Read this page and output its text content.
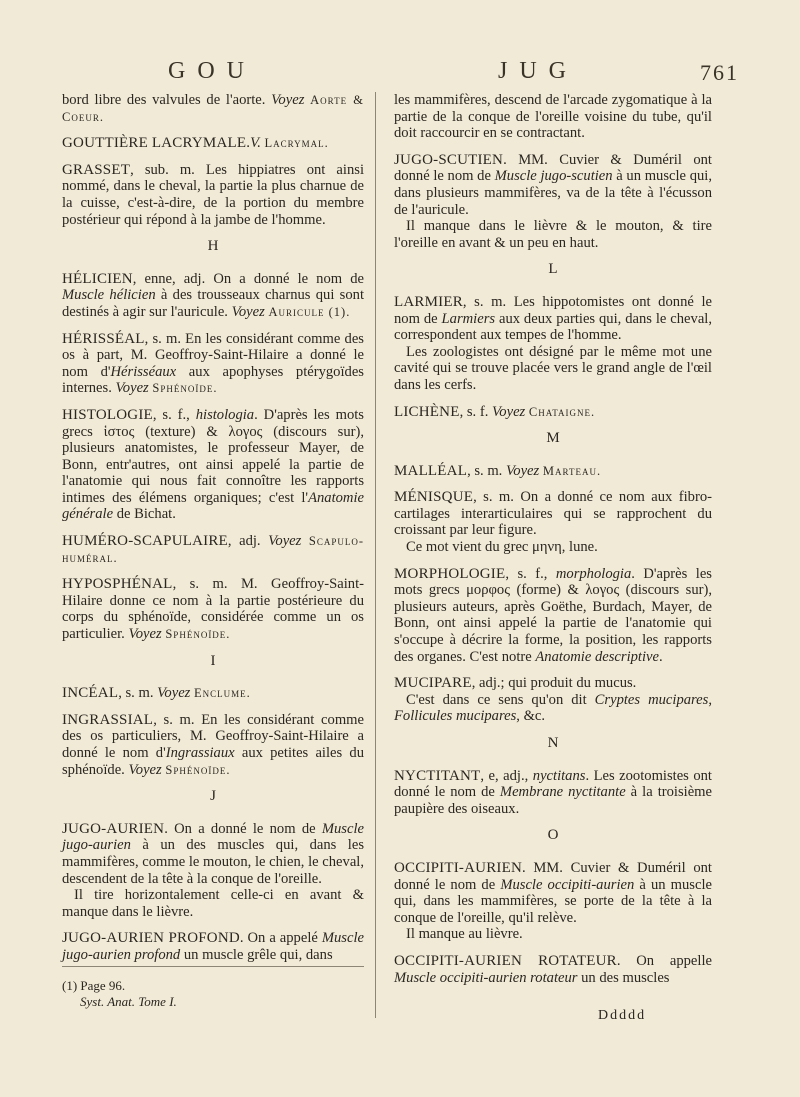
GOU	JUG	761
bord libre des valvules de l'aorte. Voyez Aorte & Coeur.
GOUTTIÈRE LACRYMALE.V. Lacrymal.
GRASSET, sub. m. Les hippiatres ont ainsi nommé, dans le cheval, la partie la plus charnue de la cuisse, c'est-à-dire, de la portion du membre postérieur qui répond à la jambe de l'homme.
H
HÉLICIEN, enne, adj. On a donné le nom de Muscle hélicien à des trousseaux charnus qui sont destinés à agir sur l'auricule. Voyez Auricule (1).
HÉRISSÉAL, s. m. En les considérant comme des os à part, M. Geoffroy-Saint-Hilaire a donné le nom d'Hérisséaux aux apophyses ptérygoïdes internes. Voyez Sphénoïde.
HISTOLOGIE, s. f., histologia. D'après les mots grecs ἱστος (texture) & λογος (discours sur), plusieurs anatomistes, le professeur Mayer, de Bonn, entr'autres, ont ainsi appelé la partie de l'anatomie qui nous fait connoître les rapports intimes des élémens organiques; c'est l'Anatomie générale de Bichat.
HUMÉRO-SCAPULAIRE, adj. Voyez Scapulo-huméral.
HYPOSPHÉNAL, s. m. M. Geoffroy-Saint-Hilaire donne ce nom à la partie postérieure du corps du sphénoïde, considérée comme un os particulier. Voyez Sphénoïde.
I
INCÉAL, s. m. Voyez Enclume.
INGRASSIAL, s. m. En les considérant comme des os particuliers, M. Geoffroy-Saint-Hilaire a donné le nom d'Ingrassiaux aux petites ailes du sphénoïde. Voyez Sphénoïde.
J
JUGO-AURIEN. On a donné le nom de Muscle jugo-aurien à un des muscles qui, dans les mammifères, comme le mouton, le chien, le cheval, descendent de la tête à la conque de l'oreille.
Il tire horizontalement celle-ci en avant & manque dans le lièvre.
JUGO-AURIEN PROFOND. On a appelé Muscle jugo-aurien profond un muscle grêle qui, dans
les mammifères, descend de l'arcade zygomatique à la partie de la conque de l'oreille voisine du tube, qu'il doit raccourcir en se contractant.
JUGO-SCUTIEN. MM. Cuvier & Duméril ont donné le nom de Muscle jugo-scutien à un muscle qui, dans plusieurs mammifères, va de la tête à l'écusson de l'auricule.
Il manque dans le lièvre & le mouton, & tire l'oreille en avant & un peu en haut.
L
LARMIER, s. m. Les hippotomistes ont donné le nom de Larmiers aux deux parties qui, dans le cheval, correspondent aux tempes de l'homme.
Les zoologistes ont désigné par le même mot une cavité qui se trouve placée vers le grand angle de l'œil dans les cerfs.
LICHÈNE, s. f. Voyez Chataigne.
M
MALLÉAL, s. m. Voyez Marteau.
MÉNISQUE, s. m. On a donné ce nom aux fibro-cartilages interarticulaires qui se rapprochent du croissant par leur figure.
Ce mot vient du grec μηνη, lune.
MORPHOLOGIE, s. f., morphologia. D'après les mots grecs μορφος (forme) & λογος (discours sur), plusieurs auteurs, après Goëthe, Burdach, Mayer, de Bonn, ont ainsi appelé la partie de l'anatomie qui s'occupe à décrire la forme, la position, les rapports des organes. C'est notre Anatomie descriptive.
MUCIPARE, adj.; qui produit du mucus.
C'est dans ce sens qu'on dit Cryptes mucipares, Follicules mucipares, &c.
N
NYCTITANT, e, adj., nyctitans. Les zootomistes ont donné le nom de Membrane nyctitante à la troisième paupière des oiseaux.
O
OCCIPITI-AURIEN. MM. Cuvier & Duméril ont donné le nom de Muscle occipiti-aurien à un muscle qui, dans les mammifères, se porte de la tête à la conque de l'oreille, qu'il relève.
Il manque au lièvre.
OCCIPITI-AURIEN ROTATEUR. On appelle Muscle occipiti-aurien rotateur un des muscles
(1) Page 96.
Syst. Anat. Tome I.
Ddddd
